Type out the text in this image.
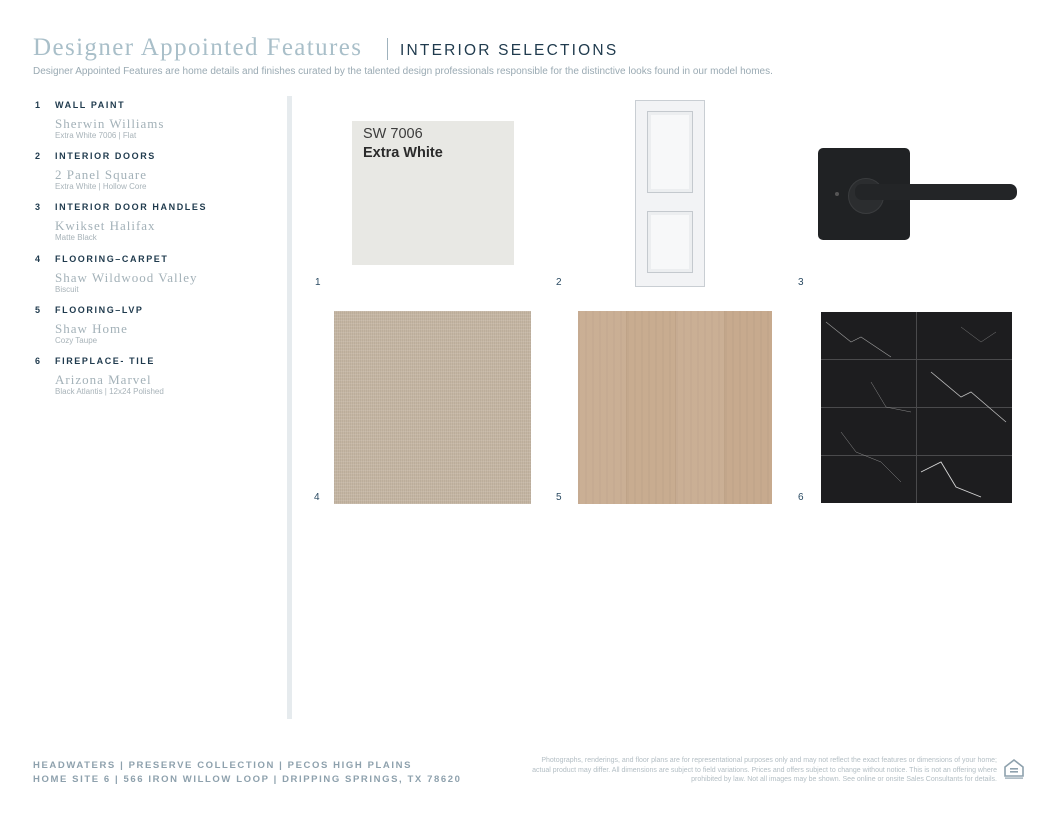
Designer Appointed Features INTERIOR SELECTIONS
Designer Appointed Features are home details and finishes curated by the talented design professionals responsible for the distinctive looks found in our model homes.
1 WALL PAINT
Sherwin Williams
Extra White 7006 | Flat
2 INTERIOR DOORS
2 Panel Square
Extra White | Hollow Core
3 INTERIOR DOOR HANDLES
Kwikset Halifax
Matte Black
4 FLOORING–CARPET
Shaw Wildwood Valley
Biscuit
5 FLOORING–LVP
Shaw Home
Cozy Taupe
6 FIREPLACE- TILE
Arizona Marvel
Black Atlantis | 12x24 Polished
SW 7006
Extra White
1	2	3
4	5	6
HEADWATERS | PRESERVE COLLECTION | PECOS HIGH PLAINS
HOME SITE 6 | 566 IRON WILLOW LOOP | DRIPPING SPRINGS, TX 78620
Photographs, renderings, and floor plans are for representational purposes only and may not reflect the exact features or dimensions of your home; actual product may differ. All dimensions are subject to field variations. Prices and offers subject to change without notice. This is not an offering where prohibited by law. Not all images may be shown. See online or onsite Sales Consultants for details.
